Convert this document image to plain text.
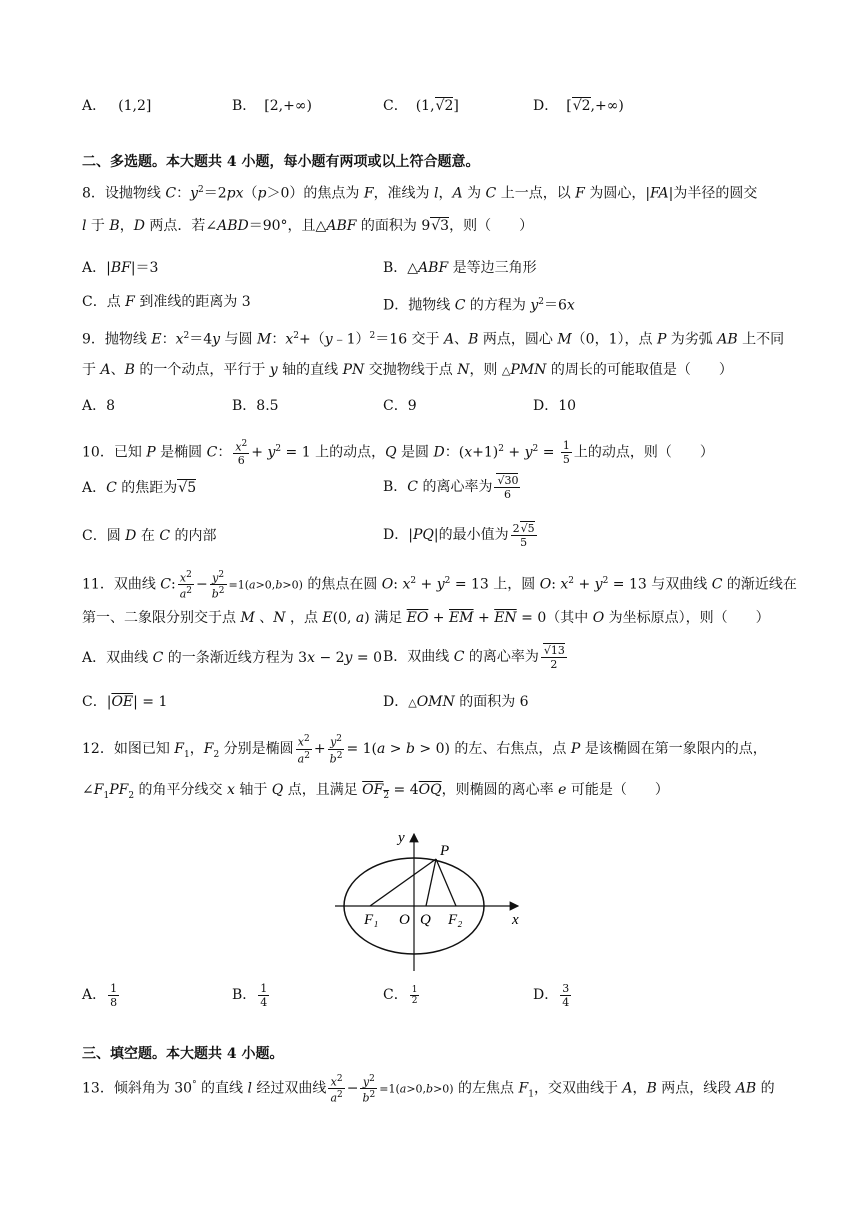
A． (1,2]	B． [2,+∞)	C． (1,√2]	D． [√2,+∞)
二、多选题。本大题共 4 小题，每小题有两项或以上符合题意。
8．设抛物线 C：$y^2=2px(p>0)$的焦点为 F，准线为 l，A 为 C 上一点，以 F 为圆心，|FA|为半径的圆交
l 于 B，D 两点．若∠ABD＝90°，且△ABF 的面积为 9√3，则（　　）
A．|BF|＝3	B．△ABF 是等边三角形
C．点 F 到准线的距离为 3	D．抛物线 C 的方程为 $y^2=6x$
9．抛物线 E：$x^2=4y$ 与圆 M：$x^2+(y﹣1)^2=16$ 交于 A、B 两点，圆心 M（0，1），点 P 为劣弧 AB 上不同
于 A、B 的一个动点，平行于 y 轴的直线 PN 交抛物线于点 N，则 △PMN 的周长的可能取值是（　　）
A．8	B．8.5	C．9	D．10
10．已知 P 是椭圆 C： $\frac{x^2}{6} + y^2 = 1$ 上的动点，Q 是圆 D：$(x+1)^2 + y^2 = \frac{1}{5}$ 上的动点，则（　　）
A．C 的焦距为√5	B．C 的离心率为 $\frac{√30}{6}$
C．圆 D 在 C 的内部	D．|PQ|的最小值为 $\frac{2√5}{5}$
11．双曲线 C: $\frac{x^2}{a^2} - \frac{y^2}{b^2} =1(a>0,b>0)$ 的焦点在圆 O: $x^2 + y^2 = 13$ 上，圆 O: $x^2 + y^2 = 13$ 与双曲线 C 的渐近线在
第一、二象限分别交于点 M 、N ，点 E(0, a) 满足 $\overline{EO} + \overline{EM} + \overline{EN} = 0$（其中 O 为坐标原点），则（　　）
A．双曲线 C 的一条渐近线方程为 3x − 2y = 0 B．双曲线 C 的离心率为 $\frac{√13}{2}$
C．$|\overline{OE}| = 1$	D．△OMN 的面积为 6
12．如图已知 $F_1$，$F_2$ 分别是椭圆 $\frac{x^2}{a^2} + \frac{y^2}{b^2} = 1(a > b > 0)$ 的左、右焦点，点 P 是该椭圆在第一象限内的点，
$\angle F_1PF_2$ 的角平分线交 x 轴于 Q 点，且满足 $OF_2 = 4\overline{OQ}$，则椭圆的离心率 e 可能是（　　）
y
x
P
O Q
F₁	F₂
A． $\frac{1}{8}$	B． $\frac{1}{4}$	C． $\frac{1}{2}$	D． $\frac{3}{4}$
三、填空题。本大题共 4 小题。
13．倾斜角为 30° 的直线 l 经过双曲线 $\frac{x^2}{a^2} - \frac{y^2}{b^2} =1(a>0,b>0)$ 的左焦点 $F_1$，交双曲线于 A，B 两点，线段 AB 的
